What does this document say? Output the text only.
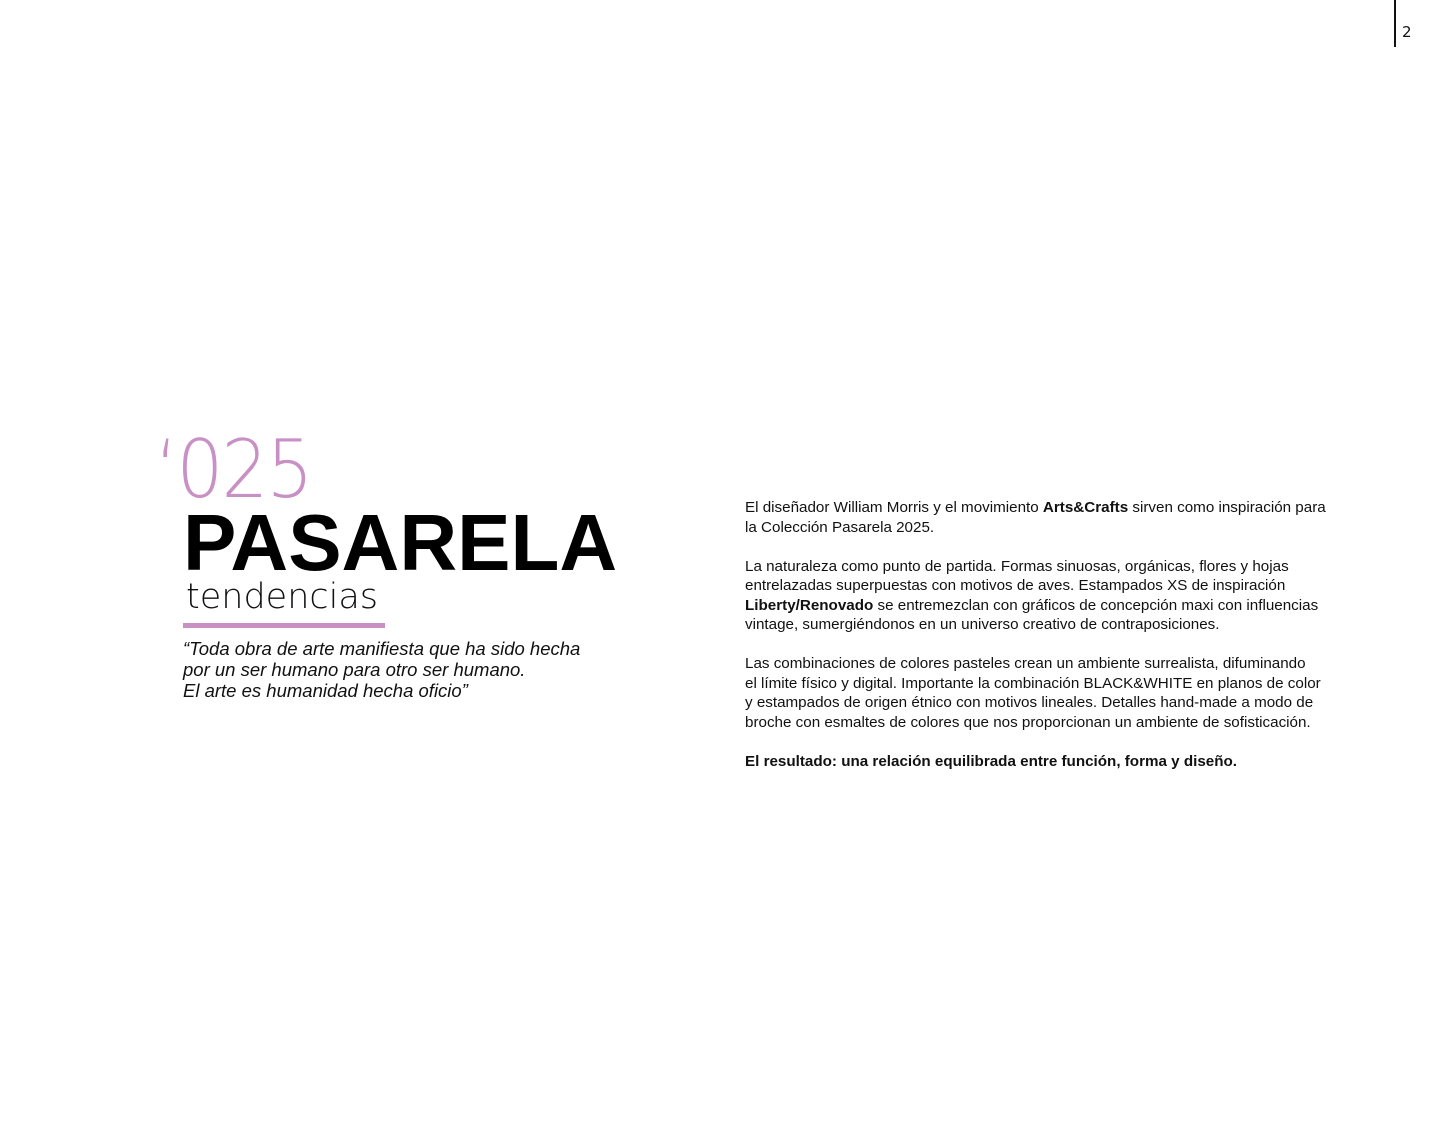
2
‘025
PASARELA
tendencias
“Toda obra de arte manifiesta que ha sido hecha
por un ser humano para otro ser humano.
El arte es humanidad hecha oficio”

El diseñador William Morris y el movimiento Arts&Crafts sirven como inspiración para
la Colección Pasarela 2025.

La naturaleza como punto de partida. Formas sinuosas, orgánicas, flores y hojas
entrelazadas superpuestas con motivos de aves. Estampados XS de inspiración
Liberty/Renovado se entremezclan con gráficos de concepción maxi con influencias
vintage, sumergiéndonos en un universo creativo de contraposiciones.

Las combinaciones de colores pasteles crean un ambiente surrealista, difuminando
el límite físico y digital. Importante la combinación BLACK&WHITE en planos de color
y estampados de origen étnico con motivos lineales. Detalles hand-made a modo de
broche con esmaltes de colores que nos proporcionan un ambiente de sofisticación.

El resultado: una relación equilibrada entre función, forma y diseño.
